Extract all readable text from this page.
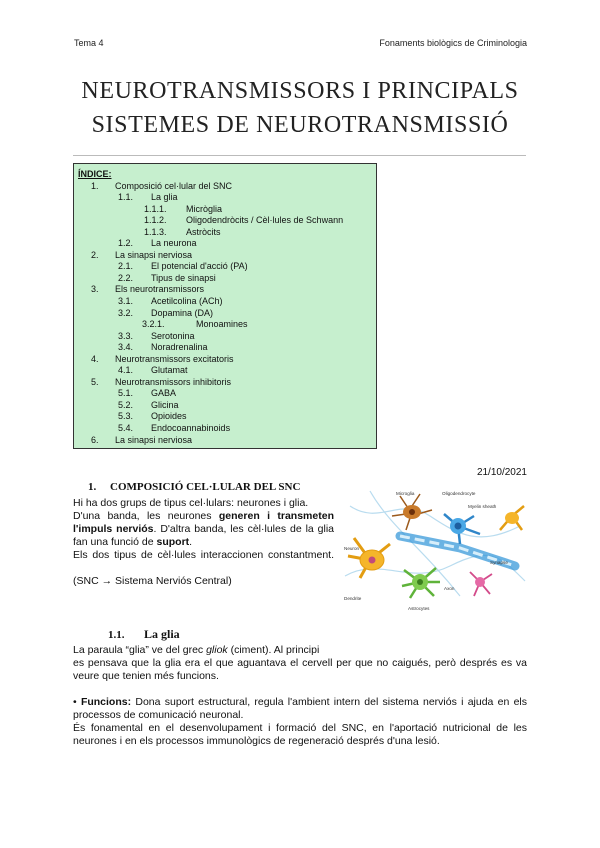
Tema 4	Fonaments biològics de Criminologia
NEUROTRANSMISSORS I PRINCIPALS
SISTEMES DE NEUROTRANSMISSIÓ
ÍNDICE:
1. Composició cel·lular del SNC
1.1. La glia
1.1.1. Micròglia
1.1.2. Oligodendròcits / Cèl·lules de Schwann
1.1.3. Astròcits
1.2. La neurona
2. La sinapsi nerviosa
2.1. El potencial d'acció (PA)
2.2. Tipus de sinapsi
3. Els neurotransmissors
3.1. Acetilcolina (ACh)
3.2. Dopamina (DA)
3.2.1.	Monoamines
3.3. Serotonina
3.4. Noradrenalina
4. Neurotransmissors excitatoris
4.1. Glutamat
5. Neurotransmissors inhibitoris
5.1. GABA
5.2. Glicina
5.3. Opioides
5.4. Endocoannabinoids
6. La sinapsi nerviosa
21/10/2021
1. COMPOSICIÓ CEL·LULAR DEL SNC

Hi ha dos grups de tipus cel·lulars: neurones i glia.

D'una banda, les neurones generen i transmeten l'impuls nerviós. D'altra banda, les cèl·lules de la glia fan una funció de suport.

Els dos tipus de cèl·lules interaccionen constantment.

(SNC → Sistema Nerviós Central)

Microglia	Oligodendrocyte
Myelin sheath
Neuron
Dendrite
Axon
Synapse
Astrocytes
1.1. La glia

La paraula “glia” ve del grec gliok (ciment). Al principi

es pensava que la glia era el que aguantava el cervell per que no caigués, però després es va veure que tenien més funcions.

• Funcions: Dona suport estructural, regula l'ambient intern del sistema nerviós i ajuda en els processos de comunicació neuronal.

És fonamental en el desenvolupament i formació del SNC, en l'aportació nutricional de les neurones i en els processos immunològics de regeneració després d'una lesió.
